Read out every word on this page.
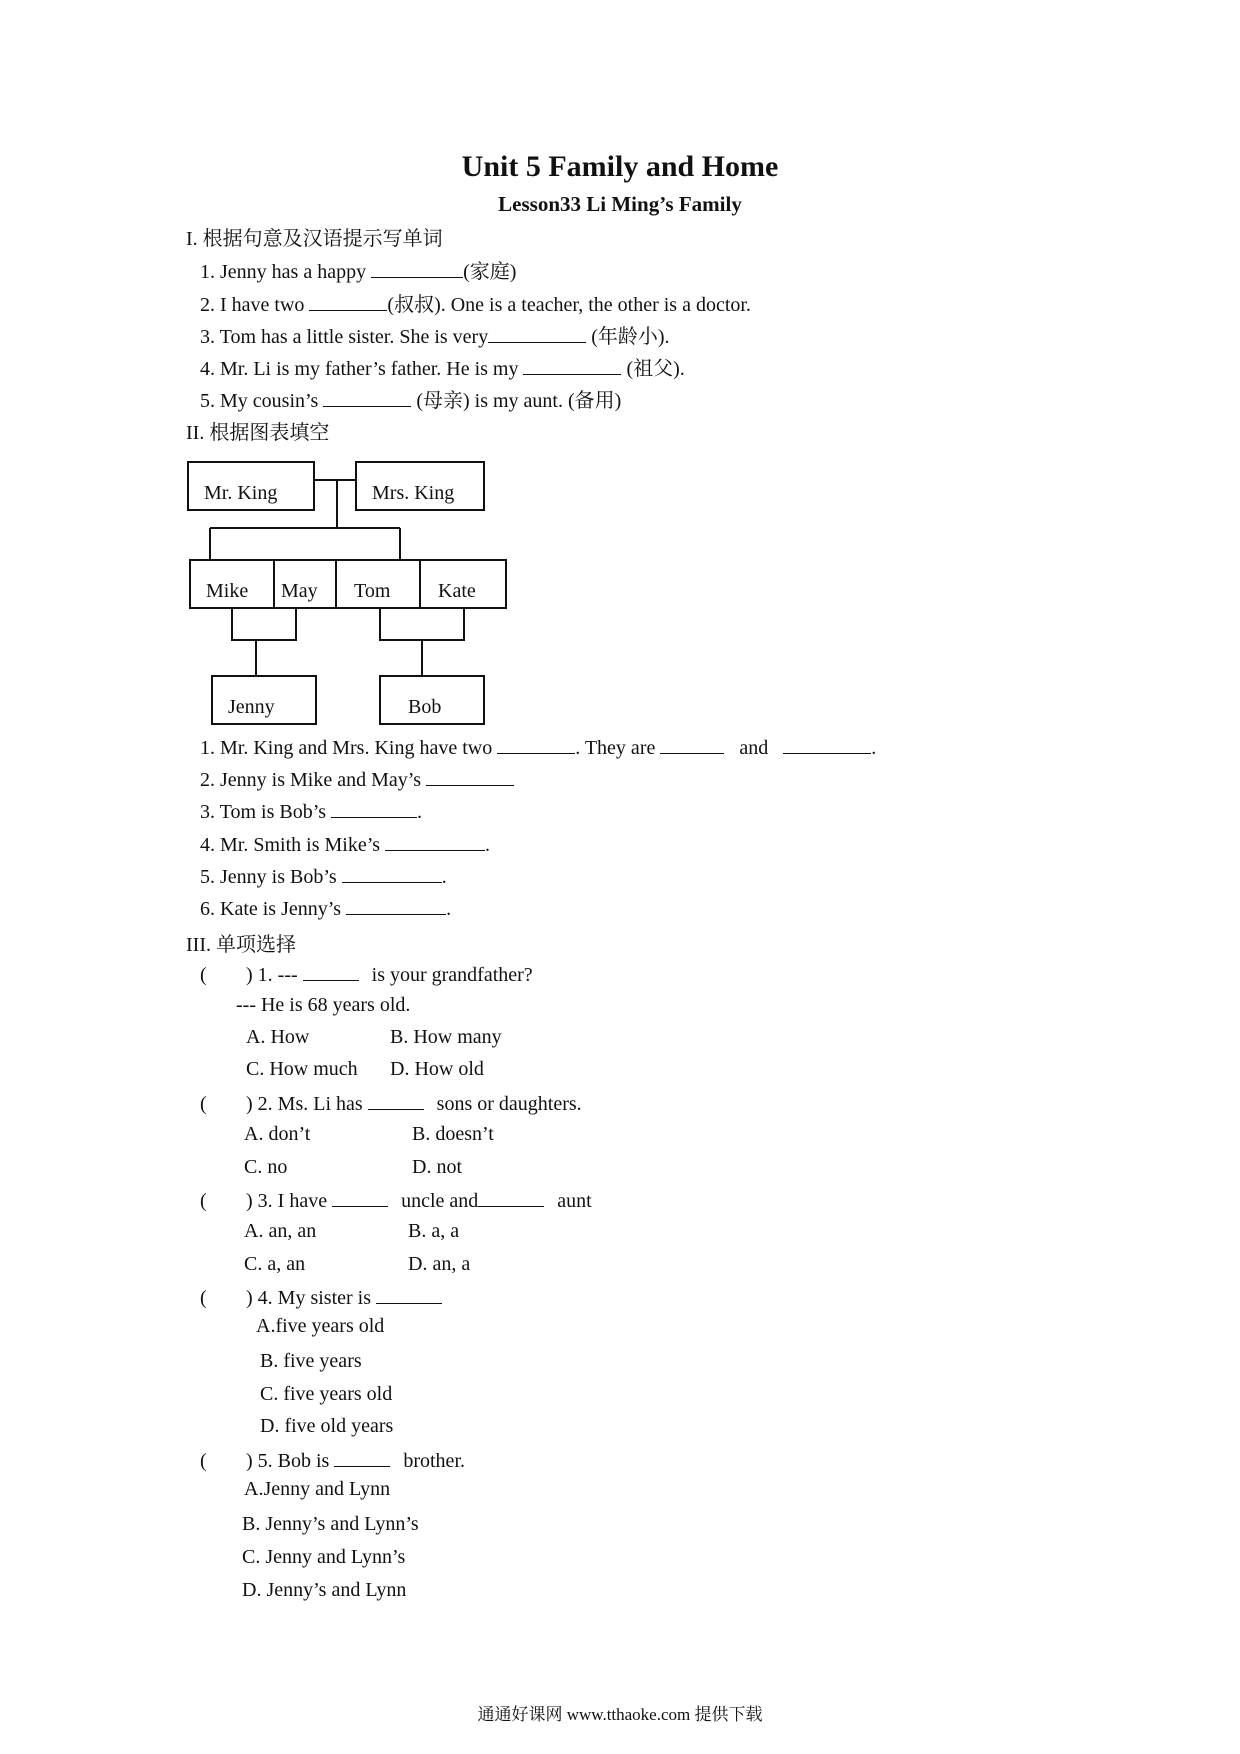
Unit 5 Family and Home
Lesson33 Li Ming’s Family
I. 根据句意及汉语提示写单词
1. Jenny has a happy	(家庭)
2. I have two	(叔叔). One is a teacher, the other is a doctor.
3. Tom has a little sister. She is very	(年龄小).
4. Mr. Li is my father’s father. He is my	(祖父).
5. My cousin’s	(母亲) is my aunt. (备用)
II. 根据图表填空
Mr. King	Mrs. King
Mike May Tom Kate
Jenny	Bob
1. Mr. King and Mrs. King have two	. They are	and	.
2. Jenny is Mike and May’s
3. Tom is Bob’s	.
4. Mr. Smith is Mike’s	.
5. Jenny is Bob’s	.
6. Kate is Jenny’s	.
III. 单项选择
( ) 1. ---	is your grandfather?
--- He is 68 years old.
A. How	B. How many
C. How much D. How old
( ) 2. Ms. Li has	sons or daughters.
A. don’t	B. doesn’t
C. no	D. not
( ) 3. I have	uncle and	aunt
A. an, an	B. a, a
C. a, an	D. an, a
( ) 4. My sister is
A.five years old
B. five years
C. five years old
D. five old years
( ) 5. Bob is	brother.
A.Jenny and Lynn
B. Jenny’s and Lynn’s
C. Jenny and Lynn’s
D. Jenny’s and Lynn
通通好课网 www.tthaoke.com 提供下载
